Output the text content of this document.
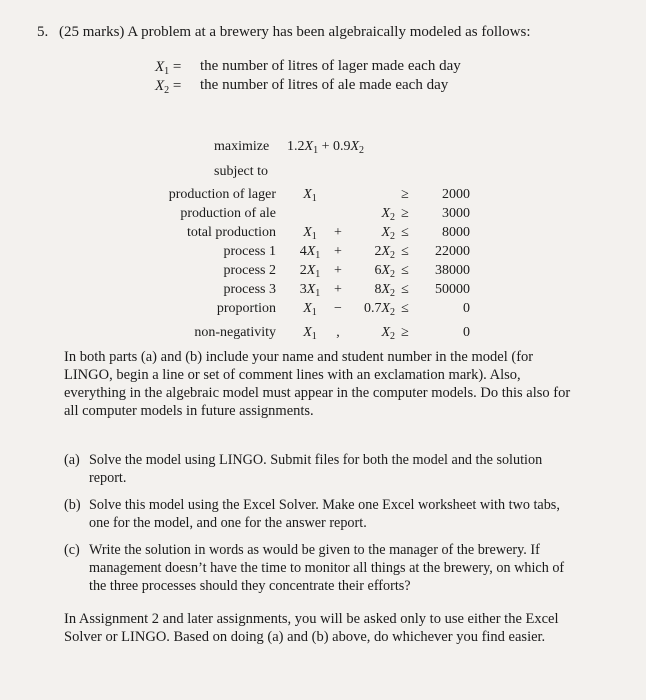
5. (25 marks) A problem at a brewery has been algebraically modeled as follows:
$X_1$ = the number of litres of lager made each day
$X_2$ = the number of litres of ale made each day
maximize $1.2X_1 + 0.9X_2$
subject to
production of lager	$X_1$	≥	2000
production of ale	$X_2$ ≥	3000
total production	$X_1$	+	$X_2$ ≤	8000
process 1	$4X_1$ +	$2X_2$ ≤	22000
process 2	$2X_1$ +	$6X_2$ ≤	38000
process 3	$3X_1$ +	$8X_2$ ≤	50000
proportion	$X_1$	−	$0.7X_2$ ≤	0
non-negativity	$X_1$	,	$X_2$ ≥	0
In both parts (a) and (b) include your name and student number in the model (for LINGO, begin a line or set of comment lines with an exclamation mark). Also, everything in the algebraic model must appear in the computer models. Do this also for all computer models in future assignments.
(a) Solve the model using LINGO. Submit files for both the model and the solution report.
(b) Solve this model using the Excel Solver. Make one Excel worksheet with two tabs, one for the model, and one for the answer report.
(c) Write the solution in words as would be given to the manager of the brewery. If management doesn’t have the time to monitor all things at the brewery, on which of the three processes should they concentrate their efforts?
In Assignment 2 and later assignments, you will be asked only to use either the Excel Solver or LINGO. Based on doing (a) and (b) above, do whichever you find easier.
